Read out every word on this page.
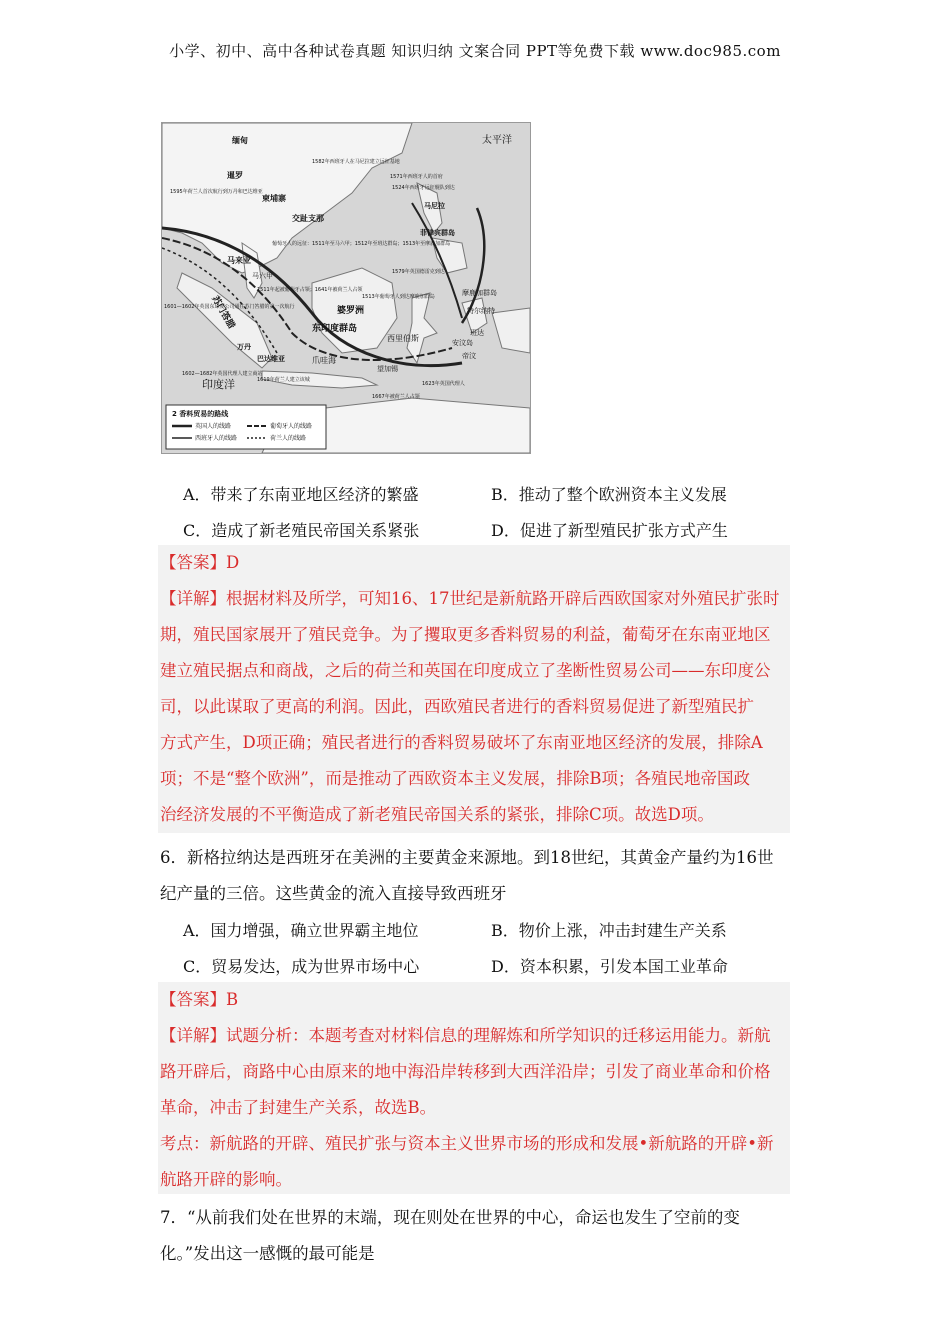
小学、初中、高中各种试卷真题 知识归纳 文案合同 PPT等免费下载 www.doc985.com
太平洋
印度洋
缅甸
暹罗
柬埔寨
交趾支那
马来亚
苏门答腊	婆罗洲
东印度群岛
菲律宾群岛
摩鹿加群岛
西里伯斯
爪哇海
巴达维亚
万丹
马六甲
马尼拉
安汶岛
特尔纳特
班达
帝汶
望加锡
1595年荷兰人首次航行到万丹和巴达维亚
1582年西班牙人在马尼拉建立远征基地
1571年西班牙人的首府
1524年西班牙远征舰队到达
葡萄牙人的远征：1511年至马六甲；1512年至班达群岛；1513年至摩鹿加群岛
1511年起被葡萄牙占领；1641年被荷兰人占领
1601—1602年英国东印度公司通往苏门答腊的第一次航行
1602—1682年英国代理人建立商站
1619年荷兰人建立该城
1513年葡萄牙人到达摩鹿加群岛
1579年英国德雷克到达
1667年被荷兰人占领
1623年英国代理人
2 香料贸易的路线
英国人的线路	葡萄牙人的线路
西班牙人的线路	荷兰人的线路
A．带来了东南亚地区经济的繁盛	B．推动了整个欧洲资本主义发展
C．造成了新老殖民帝国关系紧张	D．促进了新型殖民扩张方式产生

【答案】D

【详解】根据材料及所学，可知16、17世纪是新航路开辟后西欧国家对外殖民扩张时

期，殖民国家展开了殖民竞争。为了攫取更多香料贸易的利益，葡萄牙在东南亚地区

建立殖民据点和商战，之后的荷兰和英国在印度成立了垄断性贸易公司——东印度公

司，以此谋取了更高的利润。因此，西欧殖民者进行的香料贸易促进了新型殖民扩

方式产生，D项正确；殖民者进行的香料贸易破坏了东南亚地区经济的发展，排除A

项；不是“整个欧洲”，而是推动了西欧资本主义发展，排除B项；各殖民地帝国政

治经济发展的不平衡造成了新老殖民帝国关系的紧张，排除C项。故选D项。

6．新格拉纳达是西班牙在美洲的主要黄金来源地。到18世纪，其黄金产量约为16世

纪产量的三倍。这些黄金的流入直接导致西班牙

A．国力增强，确立世界霸主地位	B．物价上涨，冲击封建生产关系
C．贸易发达，成为世界市场中心	D．资本积累，引发本国工业革命

【答案】B

【详解】试题分析：本题考查对材料信息的理解炼和所学知识的迁移运用能力。新航

路开辟后，商路中心由原来的地中海沿岸转移到大西洋沿岸；引发了商业革命和价格

革命，冲击了封建生产关系，故选B。

考点：新航路的开辟、殖民扩张与资本主义世界市场的形成和发展•新航路的开辟•新

航路开辟的影响。

7．“从前我们处在世界的末端，现在则处在世界的中心，命运也发生了空前的变

化。”发出这一感慨的最可能是
